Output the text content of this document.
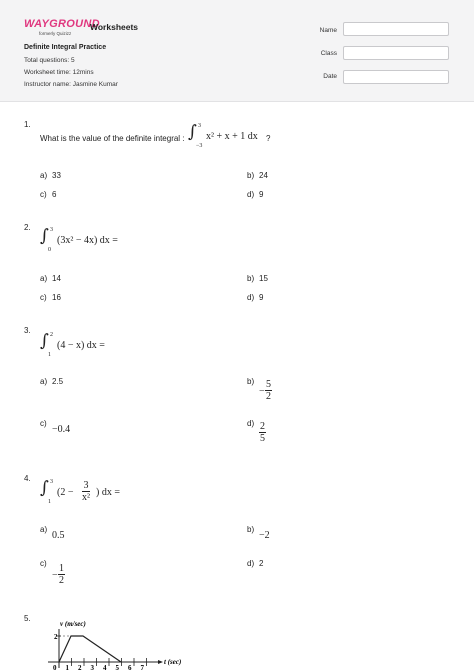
WAYGROUND
formerly Quizizz
Worksheets
Definite Integral Practice
Total questions: 5
Worksheet time: 12mins
Instructor name: Jasmine Kumar
Name
Class
Date
1.
What is the value of the definite integral : ∫ 3
−3
x² + x + 1 dx ?
a) 33	b) 24
c) 6	d) 9
2. ∫ 3
0
(3x² − 4x) dx =
a) 14	b) 15
c) 16	d) 9
3.
∫ 2
1
(4 − x) dx =
a) 2.5	b)
− $\frac{5}{2}$
c)
−0.4
$d) \frac{2}{5}$
4. ∫ 3
1
($2 - \frac{3}{\text{x²}}$ ) dx =
a)
0.5
b)
−2
c)
− $\frac{1}{2}$	d) 2
5.
v (m/sec)
2
0 1 2 3 4 5 6 7
t (sec)
